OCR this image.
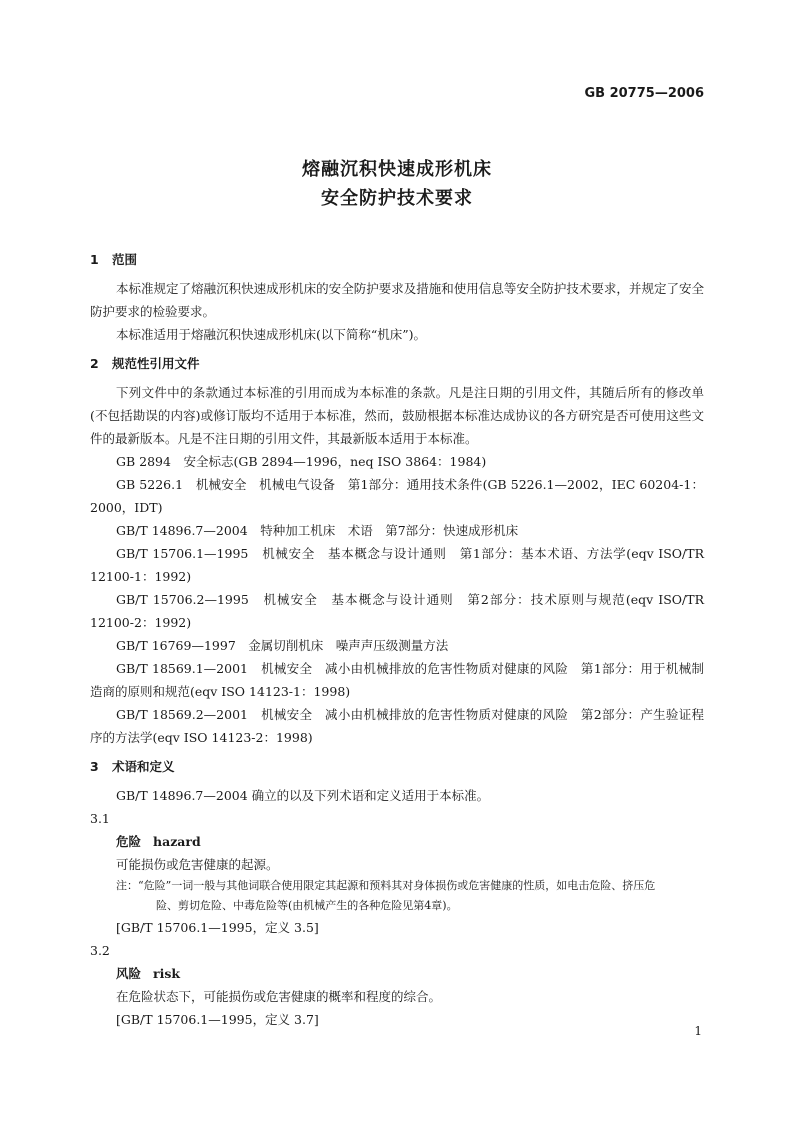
GB 20775—2006
熔融沉积快速成形机床
安全防护技术要求

1 范围

本标准规定了熔融沉积快速成形机床的安全防护要求及措施和使用信息等安全防护技术要求，并规定了安全防护要求的检验要求。

本标准适用于熔融沉积快速成形机床(以下简称“机床”)。

2 规范性引用文件

下列文件中的条款通过本标准的引用而成为本标准的条款。凡是注日期的引用文件，其随后所有的修改单(不包括勘误的内容)或修订版均不适用于本标准，然而，鼓励根据本标准达成协议的各方研究是否可使用这些文件的最新版本。凡是不注日期的引用文件，其最新版本适用于本标准。

GB 2894　安全标志(GB 2894—1996，neq ISO 3864：1984)

GB 5226.1　机械安全　机械电气设备　第1部分：通用技术条件(GB 5226.1—2002，IEC 60204-1：2000，IDT)

GB/T 14896.7—2004　特种加工机床　术语　第7部分：快速成形机床

GB/T 15706.1—1995　机械安全　基本概念与设计通则　第1部分：基本术语、方法学(eqv ISO/TR 12100-1：1992)

GB/T 15706.2—1995　机械安全　基本概念与设计通则　第2部分：技术原则与规范(eqv ISO/TR 12100-2：1992)

GB/T 16769—1997　金属切削机床　噪声声压级测量方法

GB/T 18569.1—2001　机械安全　减小由机械排放的危害性物质对健康的风险　第1部分：用于机械制造商的原则和规范(eqv ISO 14123-1：1998)

GB/T 18569.2—2001　机械安全　减小由机械排放的危害性物质对健康的风险　第2部分：产生验证程序的方法学(eqv ISO 14123-2：1998)

3 术语和定义

GB/T 14896.7—2004 确立的以及下列术语和定义适用于本标准。

3.1

危险 hazard

可能损伤或危害健康的起源。

注：“危险”一词一般与其他词联合使用限定其起源和预料其对身体损伤或危害健康的性质，如电击危险、挤压危
险、剪切危险、中毒危险等(由机械产生的各种危险见第4章)。

[GB/T 15706.1—1995，定义 3.5]

3.2

风险 risk

在危险状态下，可能损伤或危害健康的概率和程度的综合。

[GB/T 15706.1—1995，定义 3.7]

1
